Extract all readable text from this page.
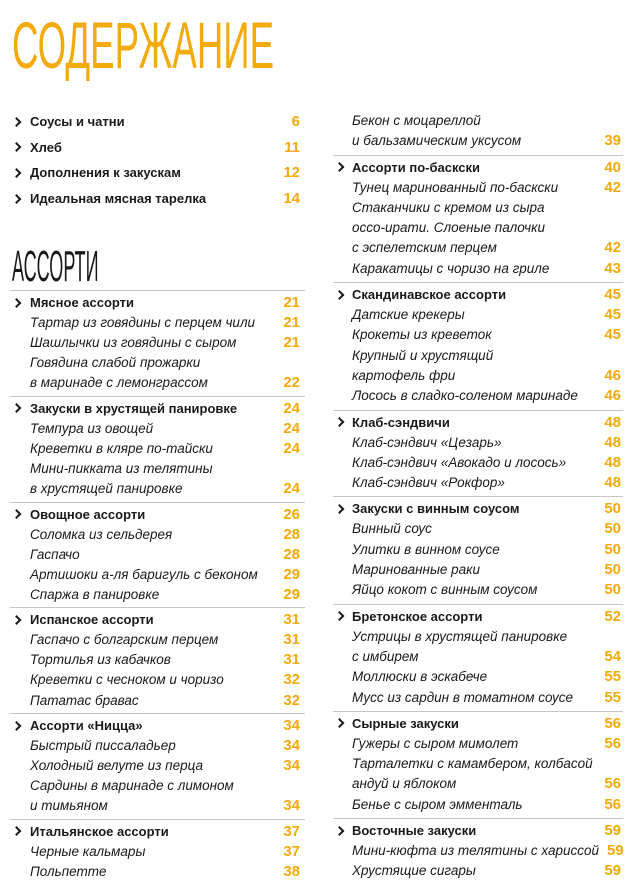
СОДЕРЖАНИЕ
Соусы и чатни	6
Хлеб	11
Дополнения к закускам	12
Идеальная мясная тарелка	14
АССОРТИ
Мясное ассорти	21
Тартар из говядины с перцем чили	21
Шашлычки из говядины с сыром	21
Говядина слабой прожарки
в маринаде с лемонграссом	22
Закуски в хрустящей панировке	24
Темпура из овощей	24
Креветки в кляре по-тайски	24
Мини-пикката из телятины
в хрустящей панировке	24
Овощное ассорти	26
Соломка из сельдерея	28
Гаспачо	28
Артишоки а-ля баригуль с беконом	29
Спаржа в панировке	29
Испанское ассорти	31
Гаспачо с болгарским перцем	31
Тортилья из кабачков	31
Креветки с чесноком и чоризо	32
Пататас бравас	32
Ассорти «Ницца»	34
Быстрый писсаладьер	34
Холодный велуте из перца	34
Сардины в маринаде с лимоном
и тимьяном	34
Итальянское ассорти	37
Черные кальмары	37
Польпетте	38
Бекон с моцареллой
и бальзамическим уксусом	39
Ассорти по-баскски	40
Тунец маринованный по-баскски	42
Стаканчики с кремом из сыра
оссо-ирати. Слоеные палочки
с эспелетским перцем	42
Каракатицы с чоризо на гриле	43
Скандинавское ассорти	45
Датские крекеры	45
Крокеты из креветок	45
Крупный и хрустящий
картофель фри	46
Лосось в сладко-соленом маринаде	46
Клаб-сэндвичи	48
Клаб-сэндвич «Цезарь»	48
Клаб-сэндвич «Авокадо и лосось»	48
Клаб-сэндвич «Рокфор»	48
Закуски с винным соусом	50
Винный соус	50
Улитки в винном соусе	50
Маринованные раки	50
Яйцо кокот с винным соусом	50
Бретонское ассорти	52
Устрицы в хрустящей панировке
с имбирем	54
Моллюски в эскабече	55
Мусс из сардин в томатном соусе	55
Сырные закуски	56
Гужеры с сыром мимолет	56
Тарталетки с камамбером, колбасой
андуй и яблоком	56
Бенье с сыром эмменталь	56
Восточные закуски	59
Мини-кюфта из телятины с хариссой 59
Хрустящие сигары	59
